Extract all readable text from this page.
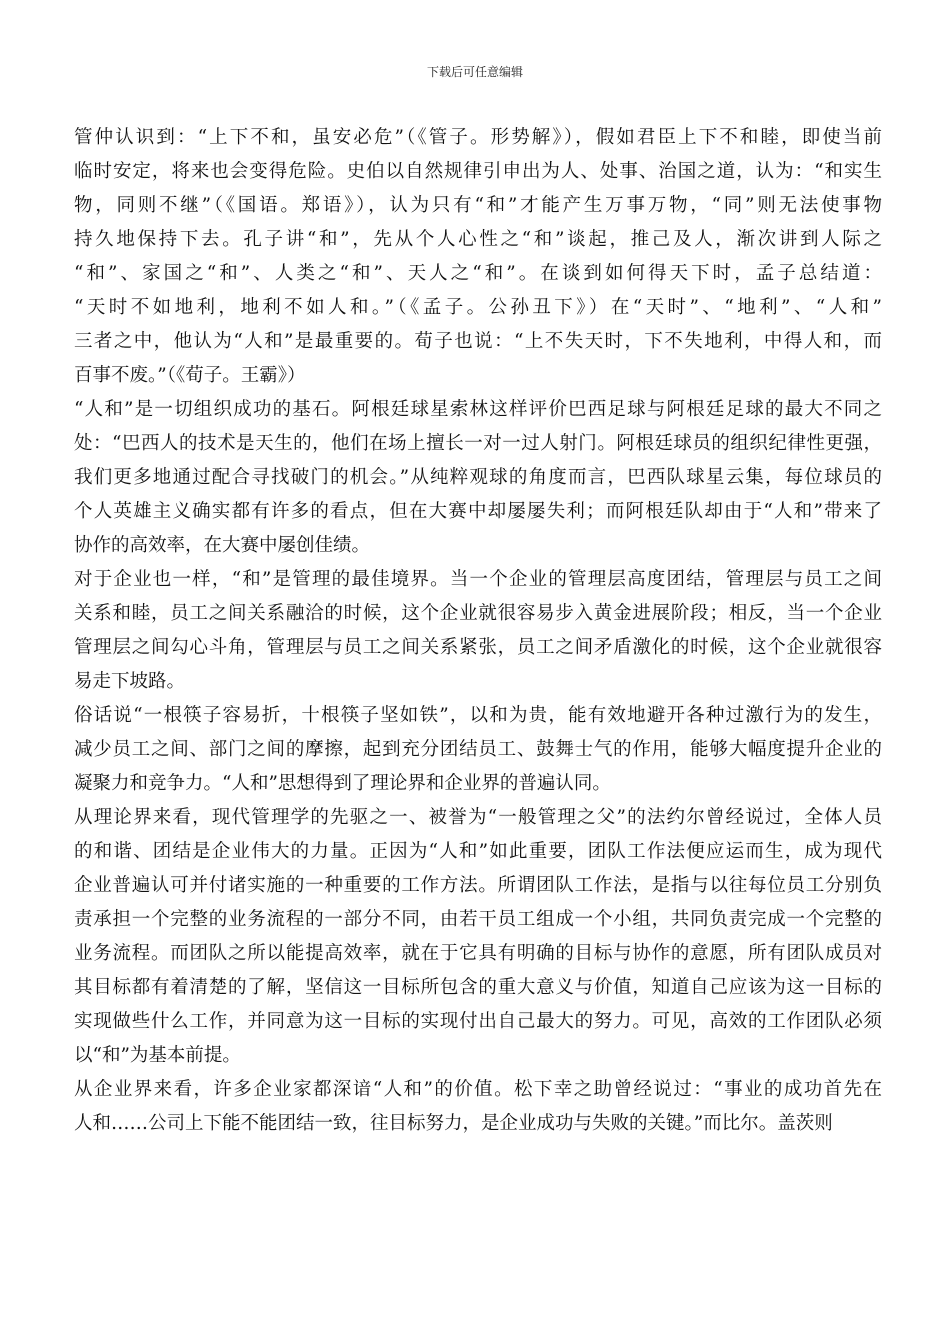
下载后可任意编辑
管仲认识到：“上下不和，虽安必危”（《管子。形势解》），假如君臣上下不和睦，即使当前
临时安定，将来也会变得危险。史伯以自然规律引申出为人、处事、治国之道，认为：“和实生
物，同则不继”（《国语。郑语》），认为只有“和”才能产生万事万物，“同”则无法使事物
持久地保持下去。孔子讲“和”，先从个人心性之“和”谈起，推己及人，渐次讲到人际之
“和”、家国之“和”、人类之“和”、天人之“和”。在谈到如何得天下时，孟子总结道：
“天时不如地利，地利不如人和。”（《孟子。公孙丑下》）在“天时”、“地利”、“人和”
三者之中，他认为“人和”是最重要的。荀子也说：“上不失天时，下不失地利，中得人和，而
百事不废。”（《荀子。王霸》）
“人和”是一切组织成功的基石。阿根廷球星索林这样评价巴西足球与阿根廷足球的最大不同之
处：“巴西人的技术是天生的，他们在场上擅长一对一过人射门。阿根廷球员的组织纪律性更强，
我们更多地通过配合寻找破门的机会。”从纯粹观球的角度而言，巴西队球星云集，每位球员的
个人英雄主义确实都有许多的看点，但在大赛中却屡屡失利；而阿根廷队却由于“人和”带来了
协作的高效率，在大赛中屡创佳绩。
对于企业也一样，“和”是管理的最佳境界。当一个企业的管理层高度团结，管理层与员工之间
关系和睦，员工之间关系融洽的时候，这个企业就很容易步入黄金进展阶段；相反，当一个企业
管理层之间勾心斗角，管理层与员工之间关系紧张，员工之间矛盾激化的时候，这个企业就很容
易走下坡路。
俗话说“一根筷子容易折，十根筷子坚如铁”，以和为贵，能有效地避开各种过激行为的发生，
减少员工之间、部门之间的摩擦，起到充分团结员工、鼓舞士气的作用，能够大幅度提升企业的
凝聚力和竞争力。“人和”思想得到了理论界和企业界的普遍认同。
从理论界来看，现代管理学的先驱之一、被誉为“一般管理之父”的法约尔曾经说过，全体人员
的和谐、团结是企业伟大的力量。正因为“人和”如此重要，团队工作法便应运而生，成为现代
企业普遍认可并付诸实施的一种重要的工作方法。所谓团队工作法，是指与以往每位员工分别负
责承担一个完整的业务流程的一部分不同，由若干员工组成一个小组，共同负责完成一个完整的
业务流程。而团队之所以能提高效率，就在于它具有明确的目标与协作的意愿，所有团队成员对
其目标都有着清楚的了解，坚信这一目标所包含的重大意义与价值，知道自己应该为这一目标的
实现做些什么工作，并同意为这一目标的实现付出自己最大的努力。可见，高效的工作团队必须
以“和”为基本前提。
从企业界来看，许多企业家都深谙“人和”的价值。松下幸之助曾经说过：“事业的成功首先在
人和……公司上下能不能团结一致，往目标努力，是企业成功与失败的关键。”而比尔。盖茨则
